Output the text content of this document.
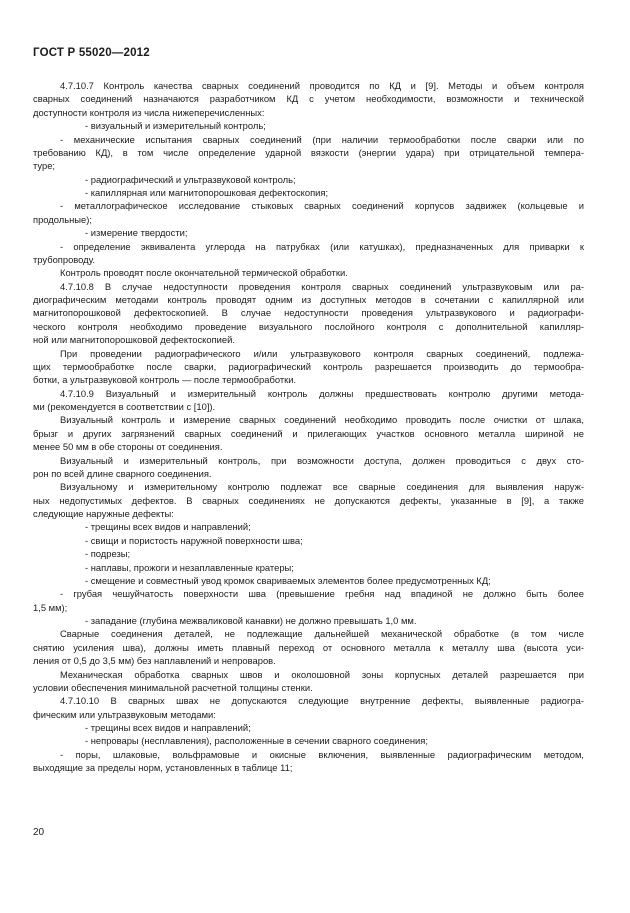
ГОСТ Р 55020—2012

4.7.10.7 Контроль качества сварных соединений проводится по КД и [9]. Методы и объем контроля

сварных соединений назначаются разработчиком КД с учетом необходимости, возможности и технической

доступности контроля из числа нижеперечисленных:

- визуальный и измерительный контроль;

- механические испытания сварных соединений (при наличии термообработки после сварки или по

требованию КД), в том числе определение ударной вязкости (энергии удара) при отрицательной темпера-

туре;

- радиографический и ультразвуковой контроль;

- капиллярная или магнитопорошковая дефектоскопия;

- металлографическое исследование стыковых сварных соединений корпусов задвижек (кольцевые и

продольные);

- измерение твердости;

- определение эквивалента углерода на патрубках (или катушках), предназначенных для приварки к

трубопроводу.

Контроль проводят после окончательной термической обработки.

4.7.10.8 В случае недоступности проведения контроля сварных соединений ультразвуковым или ра-

диографическим методами контроль проводят одним из доступных методов в сочетании с капиллярной или

магнитопорошковой дефектоскопией. В случае недоступности проведения ультразвукового и радиографи-

ческого контроля необходимо проведение визуального послойного контроля с дополнительной капилляр-

ной или магнитопорошковой дефектоскопией.

При проведении радиографического и/или ультразвукового контроля сварных соединений, подлежа-

щих термообработке после сварки, радиографический контроль разрешается производить до термообра-

ботки, а ультразвуковой контроль — после термообработки.

4.7.10.9 Визуальный и измерительный контроль должны предшествовать контролю другими метода-

ми (рекомендуется в соответствии с [10]).

Визуальный контроль и измерение сварных соединений необходимо проводить после очистки от шлака,

брызг и других загрязнений сварных соединений и прилегающих участков основного металла шириной не

менее 50 мм в обе стороны от соединения.

Визуальный и измерительный контроль, при возможности доступа, должен проводиться с двух сто-

рон по всей длине сварного соединения.

Визуальному и измерительному контролю подлежат все сварные соединения для выявления наруж-

ных недопустимых дефектов. В сварных соединениях не допускаются дефекты, указанные в [9], а также

следующие наружные дефекты:

- трещины всех видов и направлений;

- свищи и пористость наружной поверхности шва;

- подрезы;

- наплавы, прожоги и незаплавленные кратеры;

- смещение и совместный увод кромок свариваемых элементов более предусмотренных КД;

- грубая чешуйчатость поверхности шва (превышение гребня над впадиной не должно быть более

1,5 мм);

- западание (глубина межваликовой канавки) не должно превышать 1,0 мм.

Сварные соединения деталей, не подлежащие дальнейшей механической обработке (в том числе

снятию усиления шва), должны иметь плавный переход от основного металла к металлу шва (высота уси-

ления от 0,5 до 3,5 мм) без наплавлений и непроваров.

Механическая обработка сварных швов и околошовной зоны корпусных деталей разрешается при

условии обеспечения минимальной расчетной толщины стенки.

4.7.10.10 В сварных швах не допускаются следующие внутренние дефекты, выявленные радиогра-

фическим или ультразвуковым методами:

- трещины всех видов и направлений;

- непровары (несплавления), расположенные в сечении сварного соединения;

- поры, шлаковые, вольфрамовые и окисные включения, выявленные радиографическим методом,

выходящие за пределы норм, установленных в таблице 11;

20
